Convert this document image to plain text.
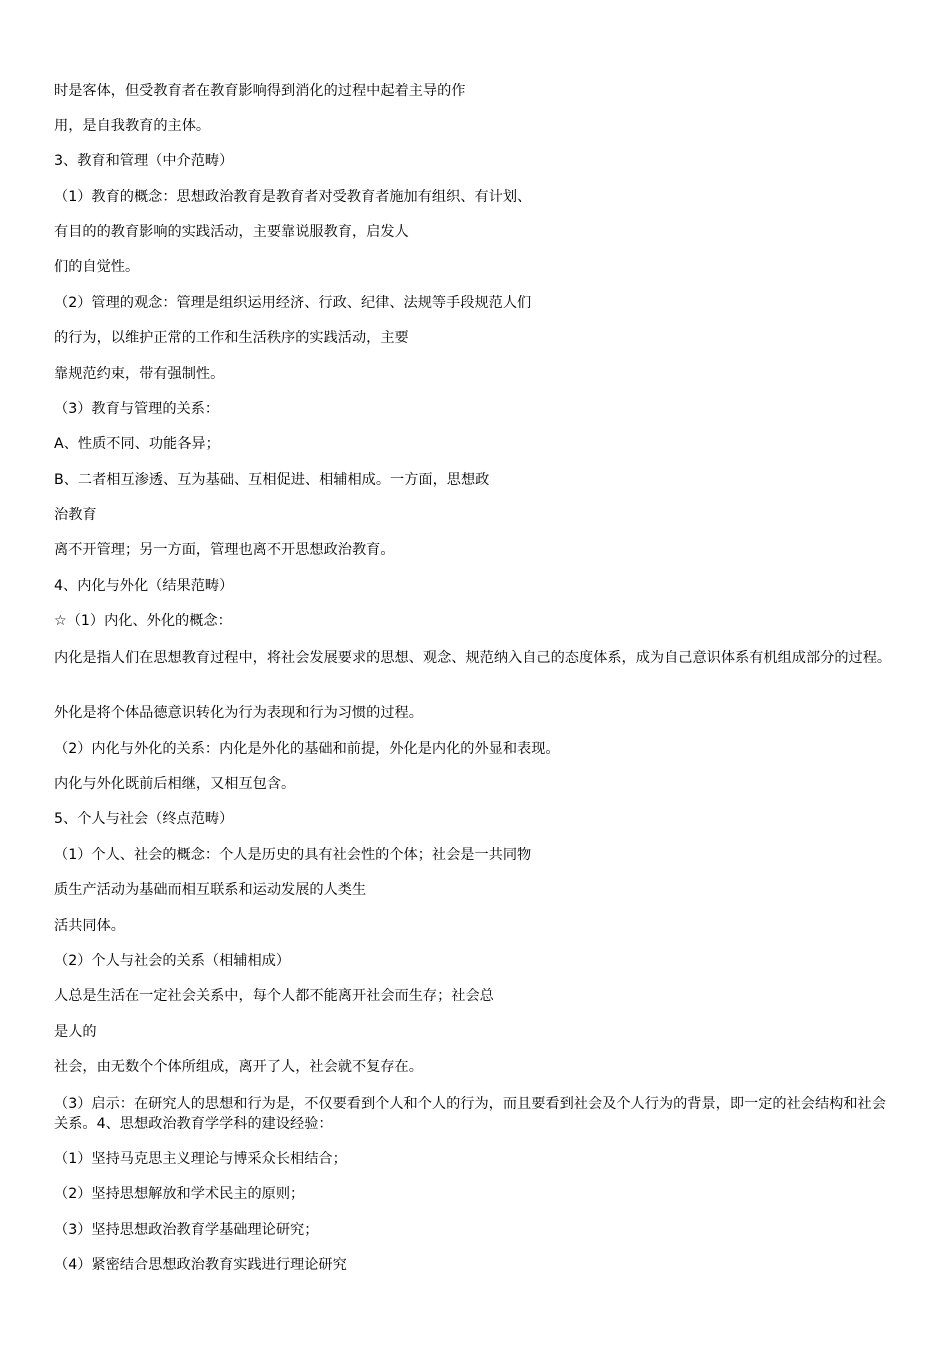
时是客体，但受教育者在教育影响得到消化的过程中起着主导的作
用，是自我教育的主体。
3、教育和管理（中介范畴）
（1）教育的概念：思想政治教育是教育者对受教育者施加有组织、有计划、
有目的的教育影响的实践活动，主要靠说服教育，启发人
们的自觉性。
（2）管理的观念：管理是组织运用经济、行政、纪律、法规等手段规范人们
的行为，以维护正常的工作和生活秩序的实践活动，主要
靠规范约束，带有强制性。
（3）教育与管理的关系：
A、性质不同、功能各异；
B、二者相互渗透、互为基础、互相促进、相辅相成。一方面，思想政
治教育
离不开管理；另一方面，管理也离不开思想政治教育。
4、内化与外化（结果范畴）
☆（1）内化、外化的概念：
内化是指人们在思想教育过程中，将社会发展要求的思想、观念、规范纳入自己的态度体系，成为自己意识体系有机组成部分的过程。
外化是将个体品德意识转化为行为表现和行为习惯的过程。
（2）内化与外化的关系：内化是外化的基础和前提，外化是内化的外显和表现。
内化与外化既前后相继，又相互包含。
5、个人与社会（终点范畴）
（1）个人、社会的概念：个人是历史的具有社会性的个体；社会是一共同物
质生产活动为基础而相互联系和运动发展的人类生
活共同体。
（2）个人与社会的关系（相辅相成）
人总是生活在一定社会关系中，每个人都不能离开社会而生存；社会总
是人的
社会，由无数个个体所组成，离开了人，社会就不复存在。
（3）启示：在研究人的思想和行为是，不仅要看到个人和个人的行为，而且要看到社会及个人行为的背景，即一定的社会结构和社会关系。4、思想政治教育学学科的建设经验：
（1）坚持马克思主义理论与博采众长相结合；
（2）坚持思想解放和学术民主的原则；
（3）坚持思想政治教育学基础理论研究；
（4）紧密结合思想政治教育实践进行理论研究
